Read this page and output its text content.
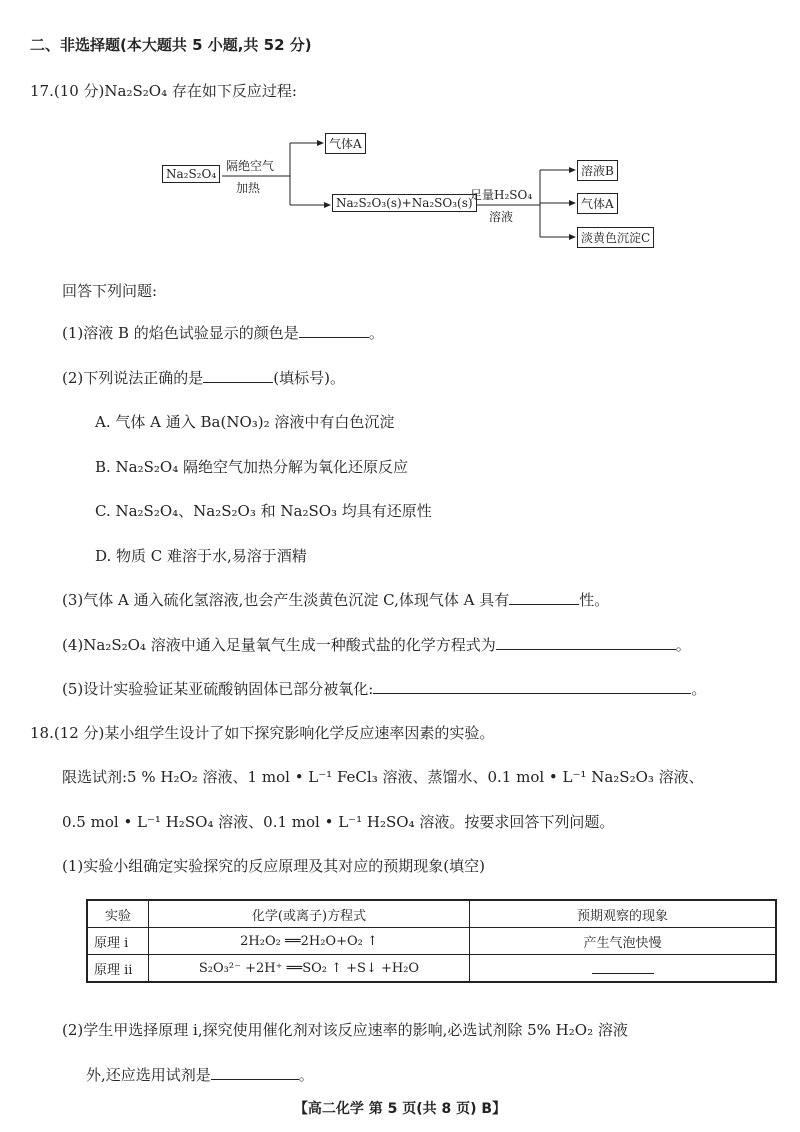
二、非选择题(本大题共 5 小题,共 52 分)
17.(10 分)Na₂S₂O₄ 存在如下反应过程:
Na₂S₂O₄
隔绝空气
加热
气体A
Na₂S₂O₃(s)+Na₂SO₃(s)
足量H₂SO₄
溶液
溶液B
气体A
淡黄色沉淀C
回答下列问题:
(1)溶液 B 的焰色试验显示的颜色是	。
(2)下列说法正确的是	(填标号)。
A. 气体 A 通入 Ba(NO₃)₂ 溶液中有白色沉淀
B. Na₂S₂O₄ 隔绝空气加热分解为氧化还原反应
C. Na₂S₂O₄、Na₂S₂O₃ 和 Na₂SO₃ 均具有还原性
D. 物质 C 难溶于水,易溶于酒精
(3)气体 A 通入硫化氢溶液,也会产生淡黄色沉淀 C,体现气体 A 具有	性。
(4)Na₂S₂O₄ 溶液中通入足量氧气生成一种酸式盐的化学方程式为	。
(5)设计实验验证某亚硫酸钠固体已部分被氧化:	。
18.(12 分)某小组学生设计了如下探究影响化学反应速率因素的实验。
限选试剂:5 % H₂O₂ 溶液、1 mol • L⁻¹ FeCl₃ 溶液、蒸馏水、0.1 mol • L⁻¹ Na₂S₂O₃ 溶液、
0.5 mol • L⁻¹ H₂SO₄ 溶液、0.1 mol • L⁻¹ H₂SO₄ 溶液。按要求回答下列问题。
(1)实验小组确定实验探究的反应原理及其对应的预期现象(填空)
实验	化学(或离子)方程式	预期观察的现象
原理 ⅰ	2H₂O₂ ══2H₂O+O₂ ↑	产生气泡快慢
原理 ⅱ	S₂O₃²⁻ +2H⁺ ══SO₂ ↑ +S↓ +H₂O	
(2)学生甲选择原理 ⅰ,探究使用催化剂对该反应速率的影响,必选试剂除 5% H₂O₂ 溶液
外,还应选用试剂是	。
【高二化学 第 5 页(共 8 页) B】
